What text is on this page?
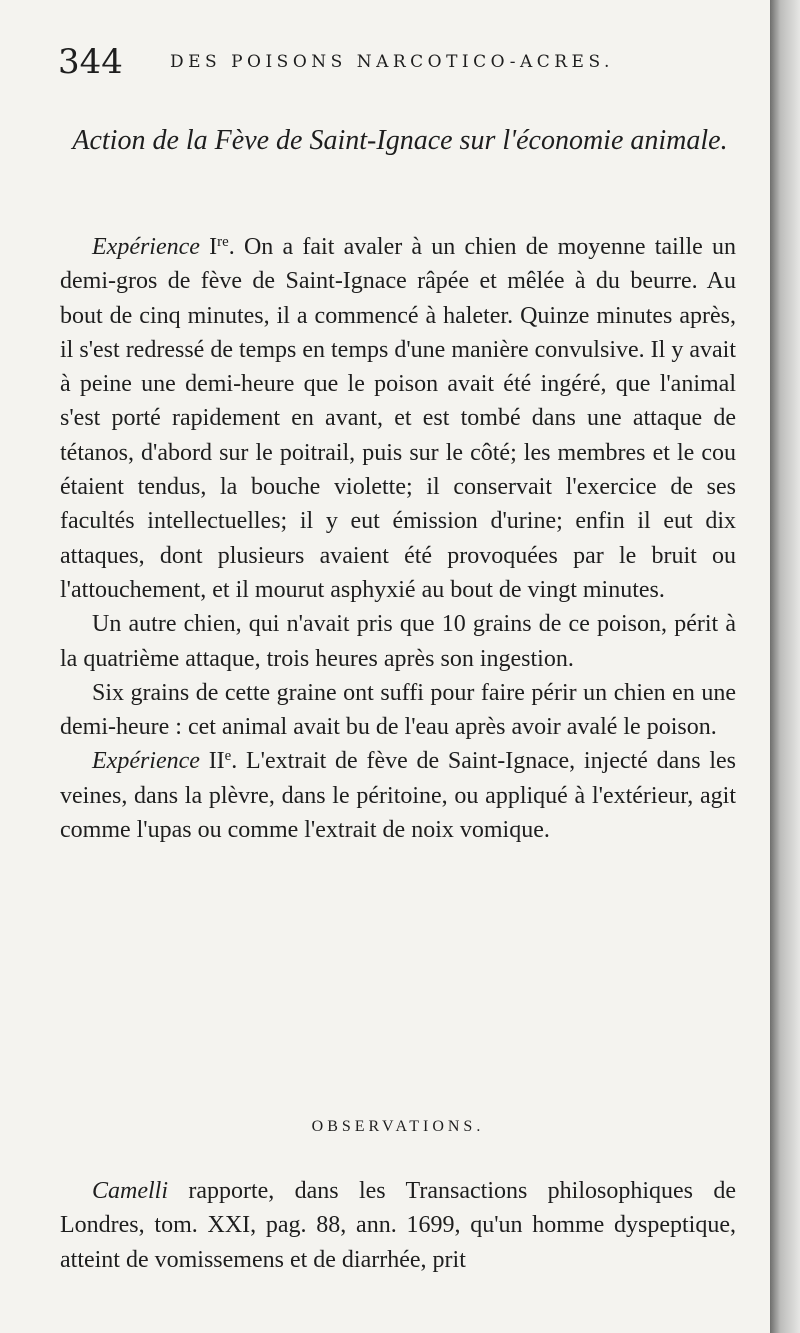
344	DES POISONS NARCOTICO-ACRES.
Action de la Fève de Saint-Ignace sur l'économie animale.

Expérience Ire. On a fait avaler à un chien de moyenne taille un demi-gros de fève de Saint-Ignace râpée et mêlée à du beurre. Au bout de cinq minutes, il a commencé à haleter. Quinze minutes après, il s'est redressé de temps en temps d'une manière convulsive. Il y avait à peine une demi-heure que le poison avait été ingéré, que l'animal s'est porté rapidement en avant, et est tombé dans une attaque de tétanos, d'abord sur le poitrail, puis sur le côté; les membres et le cou étaient tendus, la bouche violette; il conservait l'exercice de ses facultés intellectuelles; il y eut émission d'urine; enfin il eut dix attaques, dont plusieurs avaient été provoquées par le bruit ou l'attouchement, et il mourut asphyxié au bout de vingt minutes.

Un autre chien, qui n'avait pris que 10 grains de ce poison, périt à la quatrième attaque, trois heures après son ingestion.

Six grains de cette graine ont suffi pour faire périr un chien en une demi-heure : cet animal avait bu de l'eau après avoir avalé le poison.

Expérience IIe. L'extrait de fève de Saint-Ignace, injecté dans les veines, dans la plèvre, dans le péritoine, ou appliqué à l'extérieur, agit comme l'upas ou comme l'extrait de noix vomique.

OBSERVATIONS.

Camelli rapporte, dans les Transactions philosophiques de Londres, tom. XXI, pag. 88, ann. 1699, qu'un homme dyspeptique, atteint de vomissemens et de diarrhée, prit
